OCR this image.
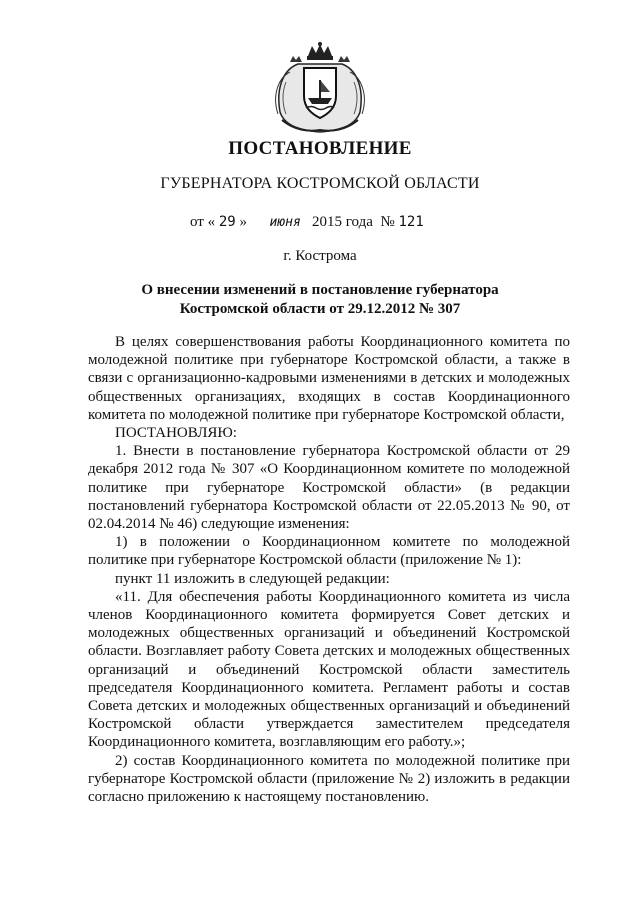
ПОСТАНОВЛЕНИЕ
ГУБЕРНАТОРА КОСТРОМСКОЙ ОБЛАСТИ
от « 29 » июня 2015 года № 121
г. Кострома
О внесении изменений в постановление губернатора
Костромской области от 29.12.2012 № 307

В целях совершенствования работы Координационного комитета по молодежной политике при губернаторе Костромской области, а также в связи с организационно-кадровыми изменениями в детских и молодежных общественных организациях, входящих в состав Координационного комитета по молодежной политике при губернаторе Костромской области,

ПОСТАНОВЛЯЮ:

1. Внести в постановление губернатора Костромской области от 29 декабря 2012 года № 307 «О Координационном комитете по молодежной политике при губернаторе Костромской области» (в редакции постановлений губернатора Костромской области от 22.05.2013 № 90, от 02.04.2014 № 46) следующие изменения:

1) в положении о Координационном комитете по молодежной политике при губернаторе Костромской области (приложение № 1):

пункт 11 изложить в следующей редакции:

«11. Для обеспечения работы Координационного комитета из числа членов Координационного комитета формируется Совет детских и молодежных общественных организаций и объединений Костромской области. Возглавляет работу Совета детских и молодежных общественных организаций и объединений Костромской области заместитель председателя Координационного комитета. Регламент работы и состав Совета детских и молодежных общественных организаций и объединений Костромской области утверждается заместителем председателя Координационного комитета, возглавляющим его работу.»;

2) состав Координационного комитета по молодежной политике при губернаторе Костромской области (приложение № 2) изложить в редакции согласно приложению к настоящему постановлению.
